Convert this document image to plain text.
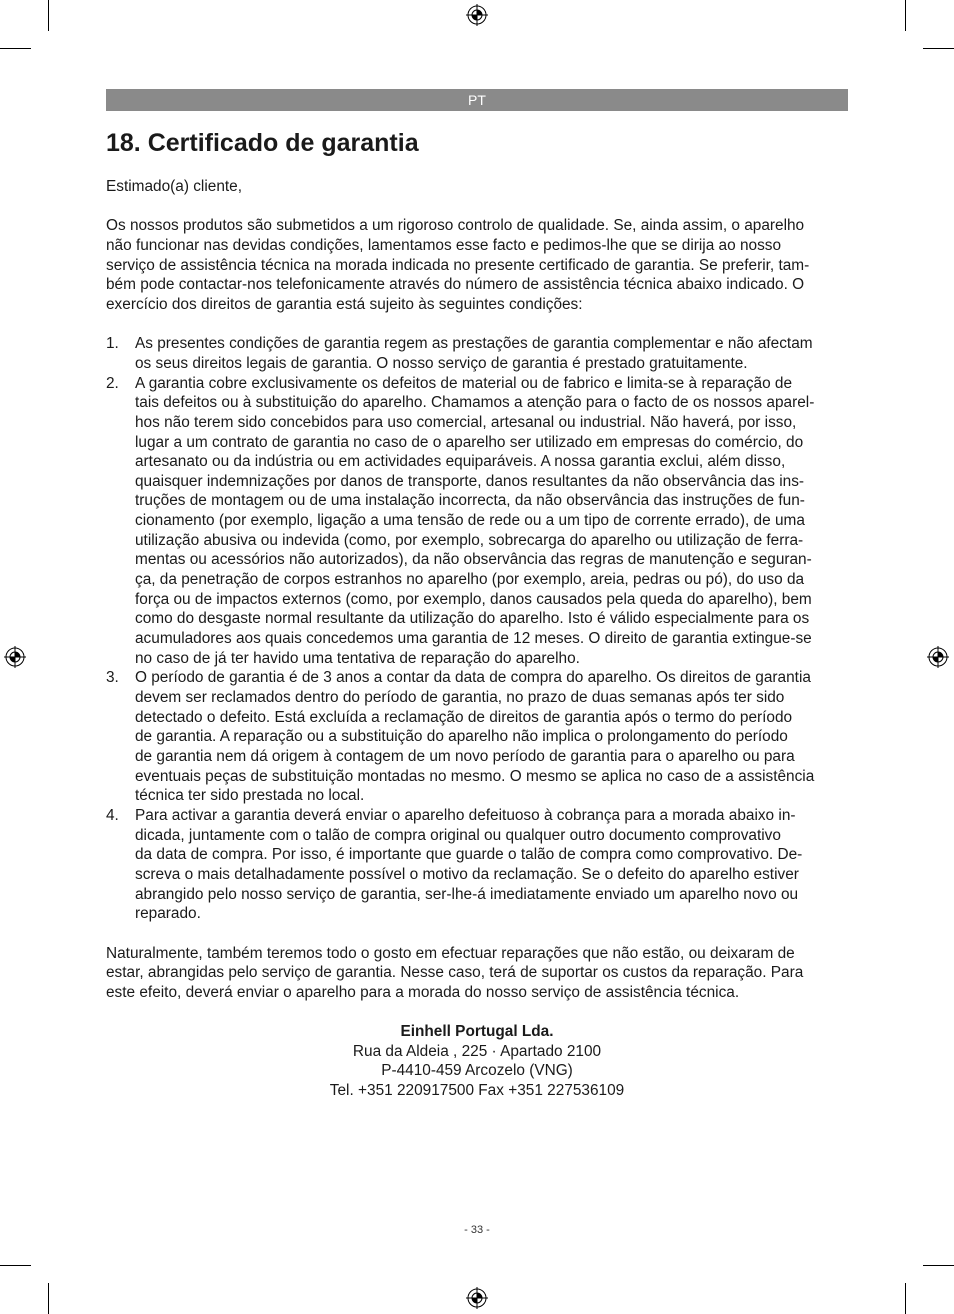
PT
18. Certificado de garantia

Estimado(a) cliente,

Os nossos produtos são submetidos a um rigoroso controlo de qualidade. Se, ainda assim, o aparelho
não funcionar nas devidas condições, lamentamos esse facto e pedimos-lhe que se dirija ao nosso
serviço de assistência técnica na morada indicada no presente certificado de garantia. Se preferir, tam-
bém pode contactar-nos telefonicamente através do número de assistência técnica abaixo indicado. O
exercício dos direitos de garantia está sujeito às seguintes condições:
1. As presentes condições de garantia regem as prestações de garantia complementar e não afectam
os seus direitos legais de garantia. O nosso serviço de garantia é prestado gratuitamente.
2. A garantia cobre exclusivamente os defeitos de material ou de fabrico e limita-se à reparação de
tais defeitos ou à substituição do aparelho. Chamamos a atenção para o facto de os nossos aparel-
hos não terem sido concebidos para uso comercial, artesanal ou industrial. Não haverá, por isso,
lugar a um contrato de garantia no caso de o aparelho ser utilizado em empresas do comércio, do
artesanato ou da indústria ou em actividades equiparáveis. A nossa garantia exclui, além disso,
quaisquer indemnizações por danos de transporte, danos resultantes da não observância das ins-
truções de montagem ou de uma instalação incorrecta, da não observância das instruções de fun-
cionamento (por exemplo, ligação a uma tensão de rede ou a um tipo de corrente errado), de uma
utilização abusiva ou indevida (como, por exemplo, sobrecarga do aparelho ou utilização de ferra-
mentas ou acessórios não autorizados), da não observância das regras de manutenção e seguran-
ça, da penetração de corpos estranhos no aparelho (por exemplo, areia, pedras ou pó), do uso da
força ou de impactos externos (como, por exemplo, danos causados pela queda do aparelho), bem
como do desgaste normal resultante da utilização do aparelho. Isto é válido especialmente para os
acumuladores aos quais concedemos uma garantia de 12 meses. O direito de garantia extingue-se
no caso de já ter havido uma tentativa de reparação do aparelho.
3. O período de garantia é de 3 anos a contar da data de compra do aparelho. Os direitos de garantia
devem ser reclamados dentro do período de garantia, no prazo de duas semanas após ter sido
detectado o defeito. Está excluída a reclamação de direitos de garantia após o termo do período
de garantia. A reparação ou a substituição do aparelho não implica o prolongamento do período
de garantia nem dá origem à contagem de um novo período de garantia para o aparelho ou para
eventuais peças de substituição montadas no mesmo. O mesmo se aplica no caso de a assistência
técnica ter sido prestada no local.
4. Para activar a garantia deverá enviar o aparelho defeituoso à cobrança para a morada abaixo in-
dicada, juntamente com o talão de compra original ou qualquer outro documento comprovativo
da data de compra. Por isso, é importante que guarde o talão de compra como comprovativo. De-
screva o mais detalhadamente possível o motivo da reclamação. Se o defeito do aparelho estiver
abrangido pelo nosso serviço de garantia, ser-lhe-á imediatamente enviado um aparelho novo ou
reparado.
Naturalmente, também teremos todo o gosto em efectuar reparações que não estão, ou deixaram de
estar, abrangidas pelo serviço de garantia. Nesse caso, terá de suportar os custos da reparação. Para
este efeito, deverá enviar o aparelho para a morada do nosso serviço de assistência técnica.
Einhell Portugal Lda.
Rua da Aldeia , 225 · Apartado 2100
P-4410-459 Arcozelo (VNG)
Tel. +351 220917500 Fax +351 227536109
- 33 -
